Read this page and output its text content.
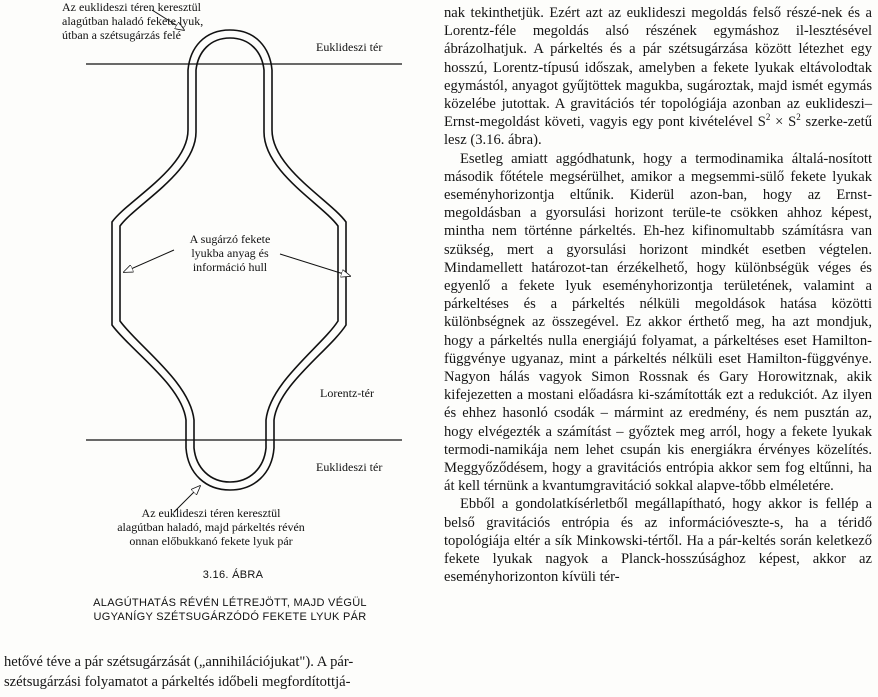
Az euklideszi téren keresztül
alagútban haladó fekete lyuk,
útban a szétsugárzás felé
Euklideszi tér
A sugárzó fekete
lyukba anyag és
információ hull
Lorentz-tér
Euklideszi tér
Az euklideszi téren keresztül
alagútban haladó, majd párkeltés révén
onnan előbukkanó fekete lyuk pár
3.16. ÁBRA
ALAGÚTHATÁS RÉVÉN LÉTREJÖTT, MAJD VÉGÜL
UGYANÍGY SZÉTSUGÁRZÓDÓ FEKETE LYUK PÁR
hetővé téve a pár szétsugárzását („annihilációjukat"). A pár-
szétsugárzási folyamatot a párkeltés időbeli megfordítottjá-

nak tekinthetjük. Ezért azt az euklideszi megoldás felső részé-nek és a Lorentz-féle megoldás alsó részének egymáshoz il-lesztésével ábrázolhatjuk. A párkeltés és a pár szétsugárzása között létezhet egy hosszú, Lorentz-típusú időszak, amelyben a fekete lyukak eltávolodtak egymástól, anyagot gyűjtöttek magukba, sugároztak, majd ismét egymás közelébe jutottak. A gravitációs tér topológiája azonban az euklideszi–Ernst-megoldást követi, vagyis egy pont kivételével $S^2 \times S^2$ szerke-zetű lesz (3.16. ábra).

Esetleg amiatt aggódhatunk, hogy a termodinamika általá-nosított második főtétele megsérülhet, amikor a megsemmi-sülő fekete lyukak eseményhorizontja eltűnik. Kiderül azon-ban, hogy az Ernst-megoldásban a gyorsulási horizont terüle-te csökken ahhoz képest, mintha nem történne párkeltés. Eh-hez kifinomultabb számításra van szükség, mert a gyorsulási horizont mindkét esetben végtelen. Mindamellett határozot-tan érzékelhető, hogy különbségük véges és egyenlő a fekete lyuk eseményhorizontja területének, valamint a párkeltéses és a párkeltés nélküli megoldások hatása közötti különbségnek az összegével. Ez akkor érthető meg, ha azt mondjuk, hogy a párkeltés nulla energiájú folyamat, a párkeltéses eset Hamilton-függvénye ugyanaz, mint a párkeltés nélküli eset Hamilton-függvénye. Nagyon hálás vagyok Simon Rossnak és Gary Horowitznak, akik kifejezetten a mostani előadásra ki-számították ezt a redukciót. Az ilyen és ehhez hasonló csodák – mármint az eredmény, és nem pusztán az, hogy elvégezték a számítást – győztek meg arról, hogy a fekete lyukak termodi-namikája nem lehet csupán kis energiákra érvényes közelítés. Meggyőződésem, hogy a gravitációs entrópia akkor sem fog eltűnni, ha át kell térnünk a kvantumgravitáció sokkal alapve-tőbb elméletére.

Ebből a gondolatkísérletből megállapítható, hogy akkor is fellép a belső gravitációs entrópia és az információveszte-s, ha a téridő topológiája eltér a sík Minkowski-tértől. Ha a pár-keltés során keletkező fekete lyukak nagyok a Planck-hosszúsághoz képest, akkor az eseményhorizonton kívüli tér-
